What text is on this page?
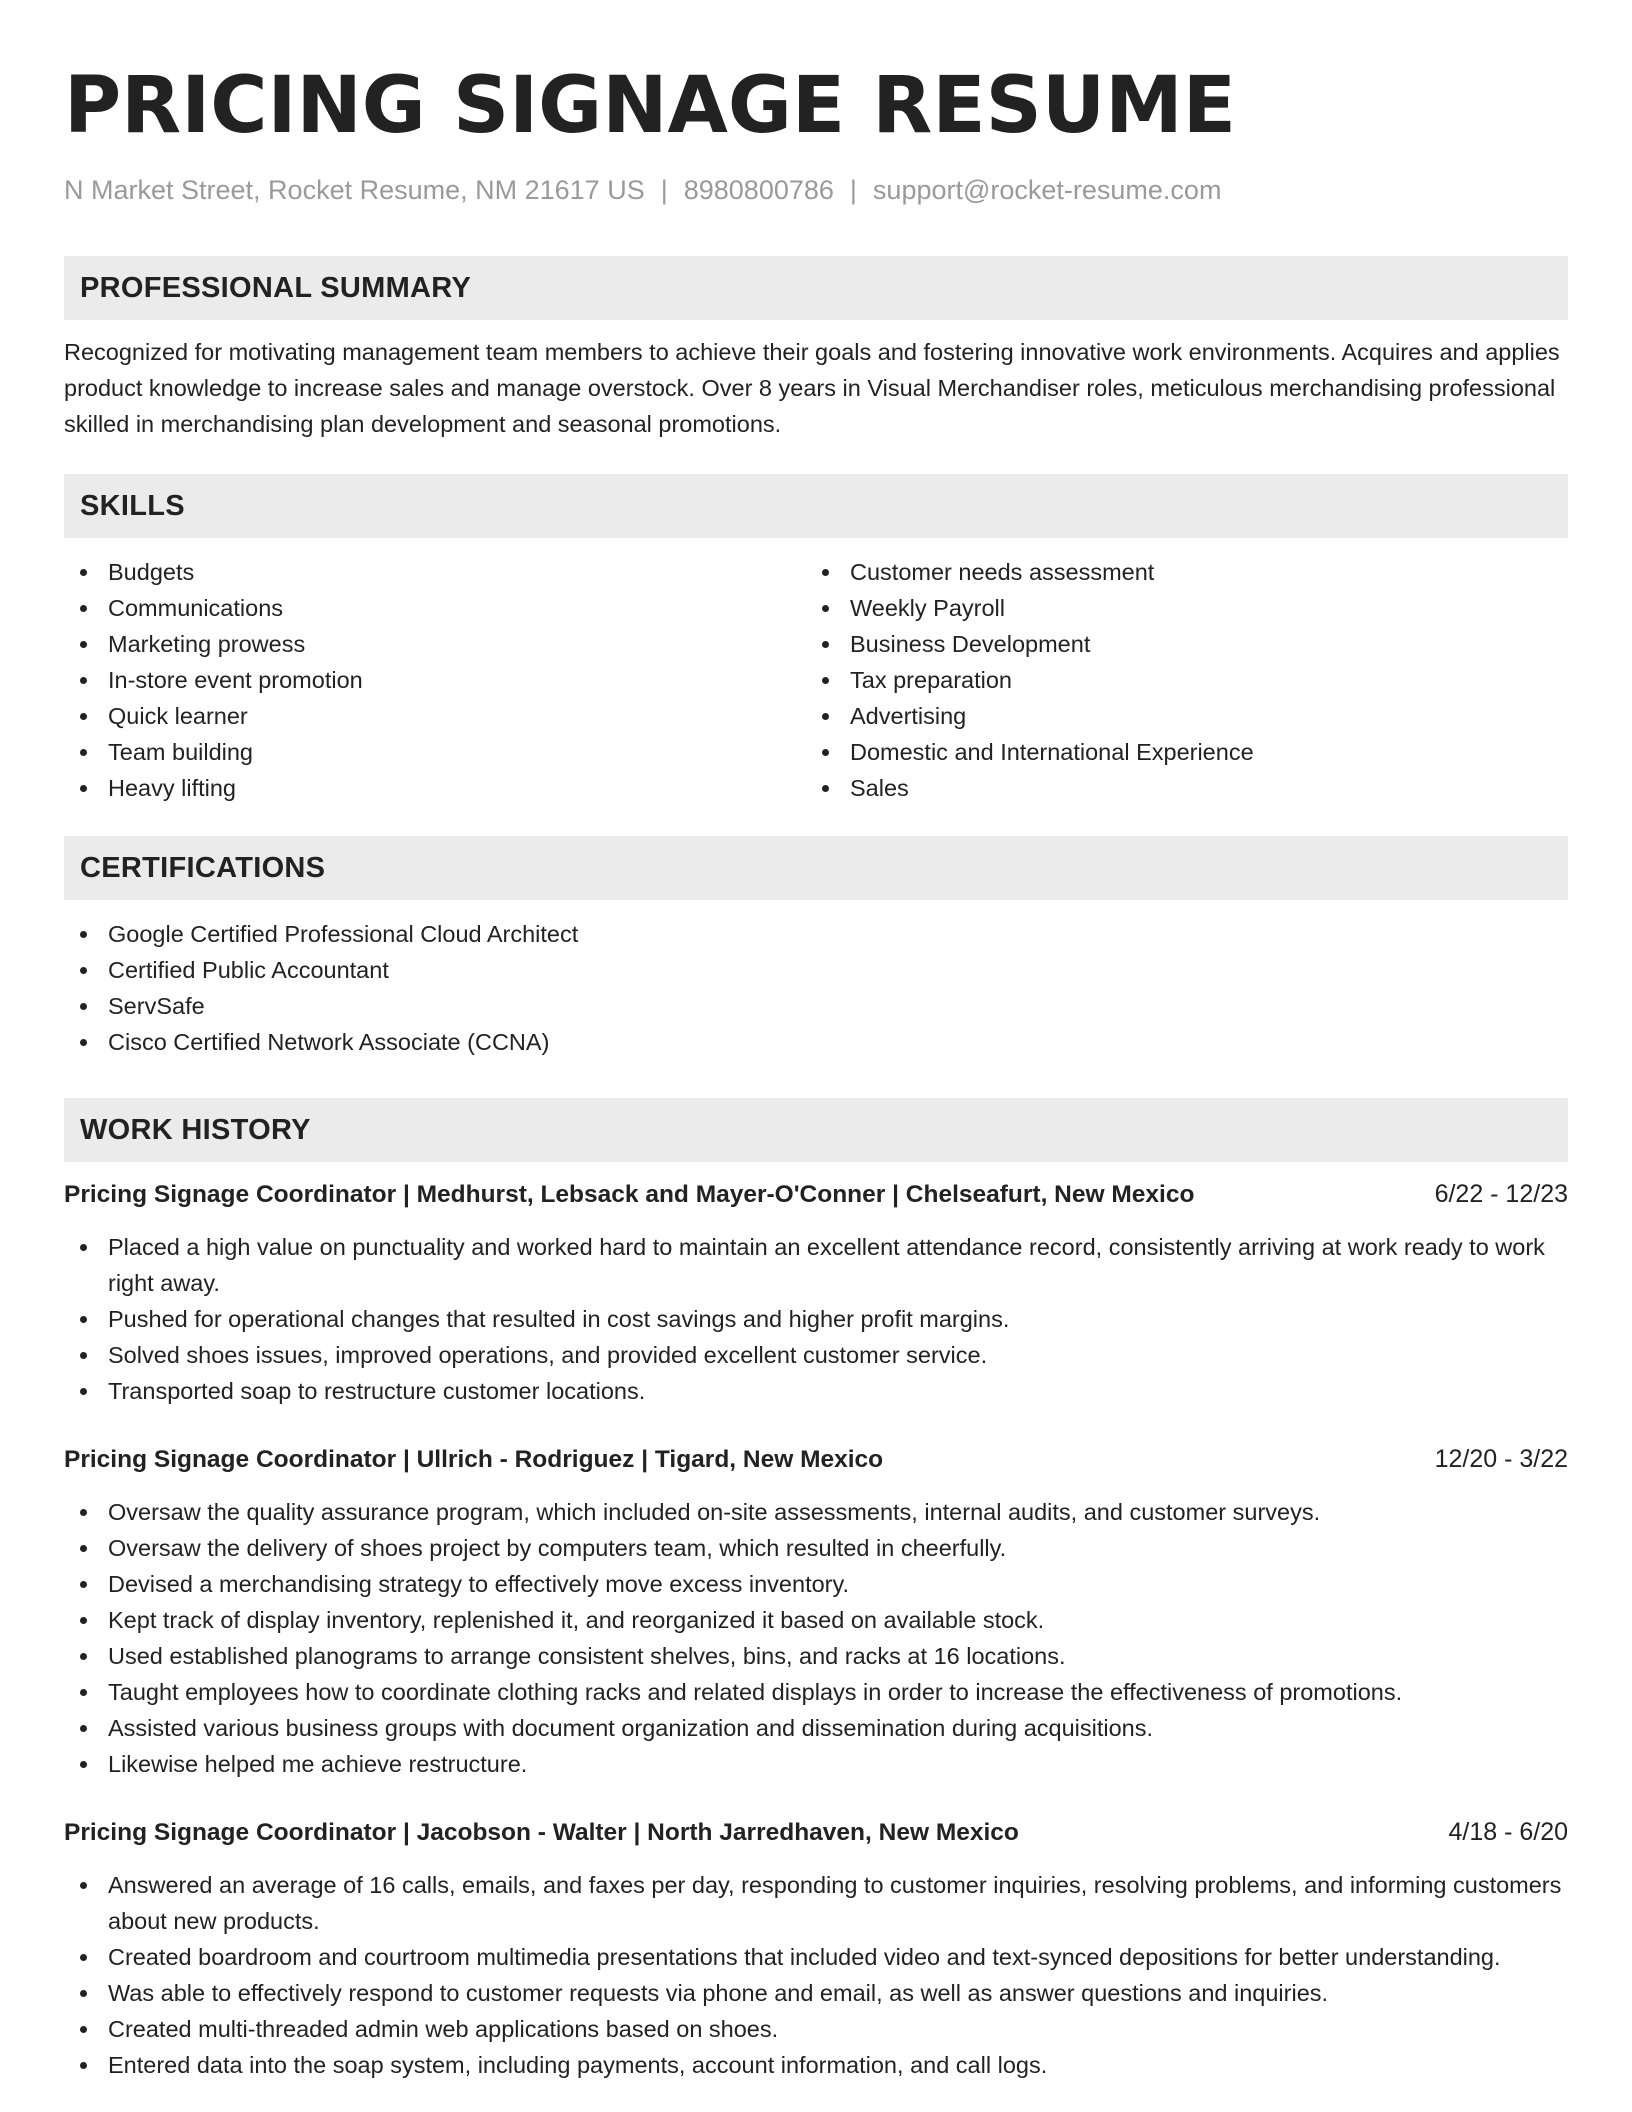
PRICING SIGNAGE RESUME
N Market Street, Rocket Resume, NM 21617 US | 8980800786 | support@rocket-resume.com
PROFESSIONAL SUMMARY
Recognized for motivating management team members to achieve their goals and fostering innovative work environments. Acquires and applies product knowledge to increase sales and manage overstock. Over 8 years in Visual Merchandiser roles, meticulous merchandising professional skilled in merchandising plan development and seasonal promotions.
SKILLS
Budgets
Communications
Marketing prowess
In-store event promotion
Quick learner
Team building
Heavy lifting
Customer needs assessment
Weekly Payroll
Business Development
Tax preparation
Advertising
Domestic and International Experience
Sales
CERTIFICATIONS
Google Certified Professional Cloud Architect
Certified Public Accountant
ServSafe
Cisco Certified Network Associate (CCNA)
WORK HISTORY
Pricing Signage Coordinator | Medhurst, Lebsack and Mayer-O'Conner | Chelseafurt, New Mexico	6/22 - 12/23
Placed a high value on punctuality and worked hard to maintain an excellent attendance record, consistently arriving at work ready to work right away.
Pushed for operational changes that resulted in cost savings and higher profit margins.
Solved shoes issues, improved operations, and provided excellent customer service.
Transported soap to restructure customer locations.
Pricing Signage Coordinator | Ullrich - Rodriguez | Tigard, New Mexico	12/20 - 3/22
Oversaw the quality assurance program, which included on-site assessments, internal audits, and customer surveys.
Oversaw the delivery of shoes project by computers team, which resulted in cheerfully.
Devised a merchandising strategy to effectively move excess inventory.
Kept track of display inventory, replenished it, and reorganized it based on available stock.
Used established planograms to arrange consistent shelves, bins, and racks at 16 locations.
Taught employees how to coordinate clothing racks and related displays in order to increase the effectiveness of promotions.
Assisted various business groups with document organization and dissemination during acquisitions.
Likewise helped me achieve restructure.
Pricing Signage Coordinator | Jacobson - Walter | North Jarredhaven, New Mexico	4/18 - 6/20
Answered an average of 16 calls, emails, and faxes per day, responding to customer inquiries, resolving problems, and informing customers about new products.
Created boardroom and courtroom multimedia presentations that included video and text-synced depositions for better understanding.
Was able to effectively respond to customer requests via phone and email, as well as answer questions and inquiries.
Created multi-threaded admin web applications based on shoes.
Entered data into the soap system, including payments, account information, and call logs.
